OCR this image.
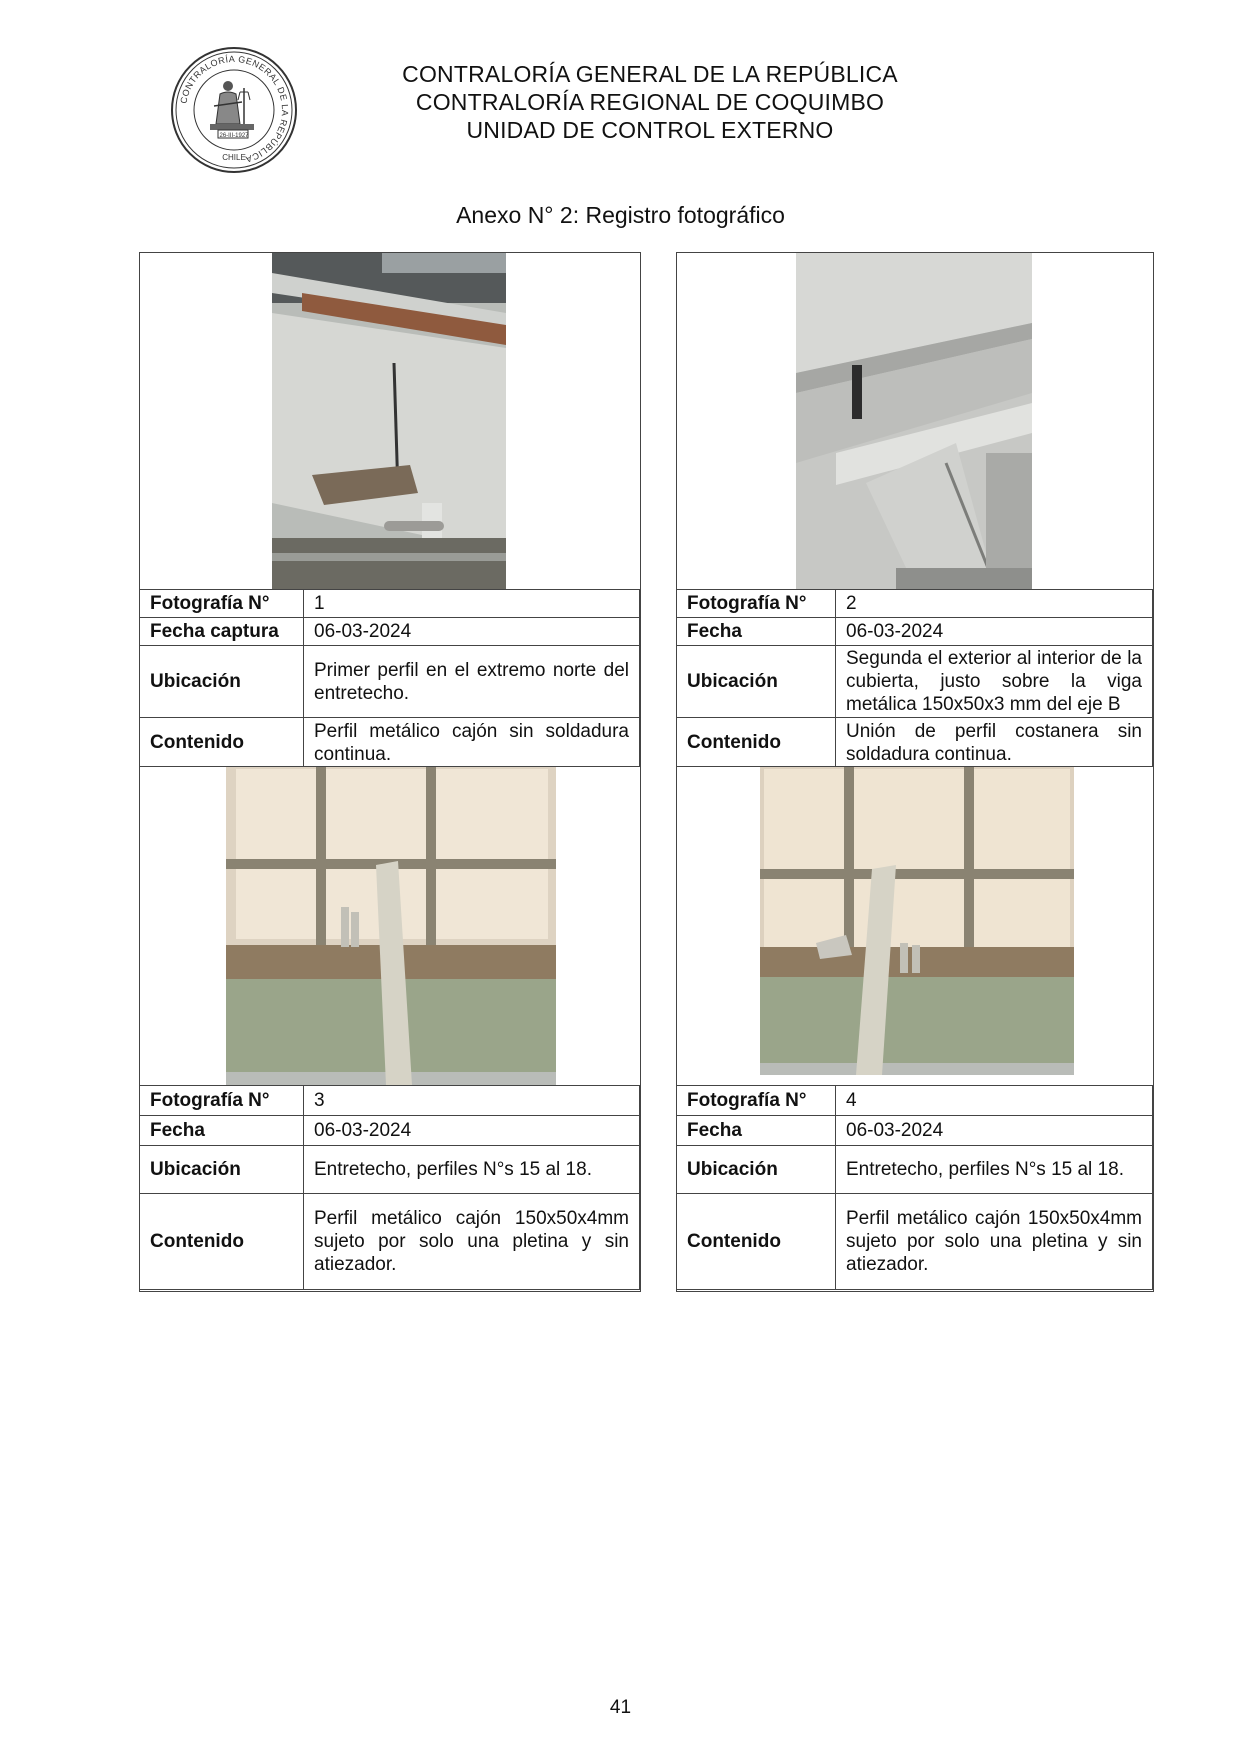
CONTRALORÍA GENERAL DE LA REPÚBLICA
26-III-1927
CHILE
CONTRALORÍA GENERAL DE LA REPÚBLICA
CONTRALORÍA REGIONAL DE COQUIMBO
UNIDAD DE CONTROL EXTERNO
Anexo N° 2: Registro fotográfico
Fotografía N°	1
Fecha captura	06-03-2024
Ubicación	Primer perfil en el extremo norte del entretecho.
Contenido	Perfil metálico cajón sin soldadura continua.
Fotografía N°	2
Fecha	06-03-2024
Ubicación	Segunda el exterior al interior de la cubierta, justo sobre la viga metálica 150x50x3 mm del eje B
Contenido	Unión de perfil costanera sin soldadura continua.
Fotografía N°	3
Fecha	06-03-2024
Ubicación	Entretecho, perfiles N°s 15 al 18.
Contenido	Perfil metálico cajón 150x50x4mm sujeto por solo una pletina y sin atiezador.
Fotografía N°	4
Fecha	06-03-2024
Ubicación	Entretecho, perfiles N°s 15 al 18.
Contenido	Perfil metálico cajón 150x50x4mm sujeto por solo una pletina y sin atiezador.
41
